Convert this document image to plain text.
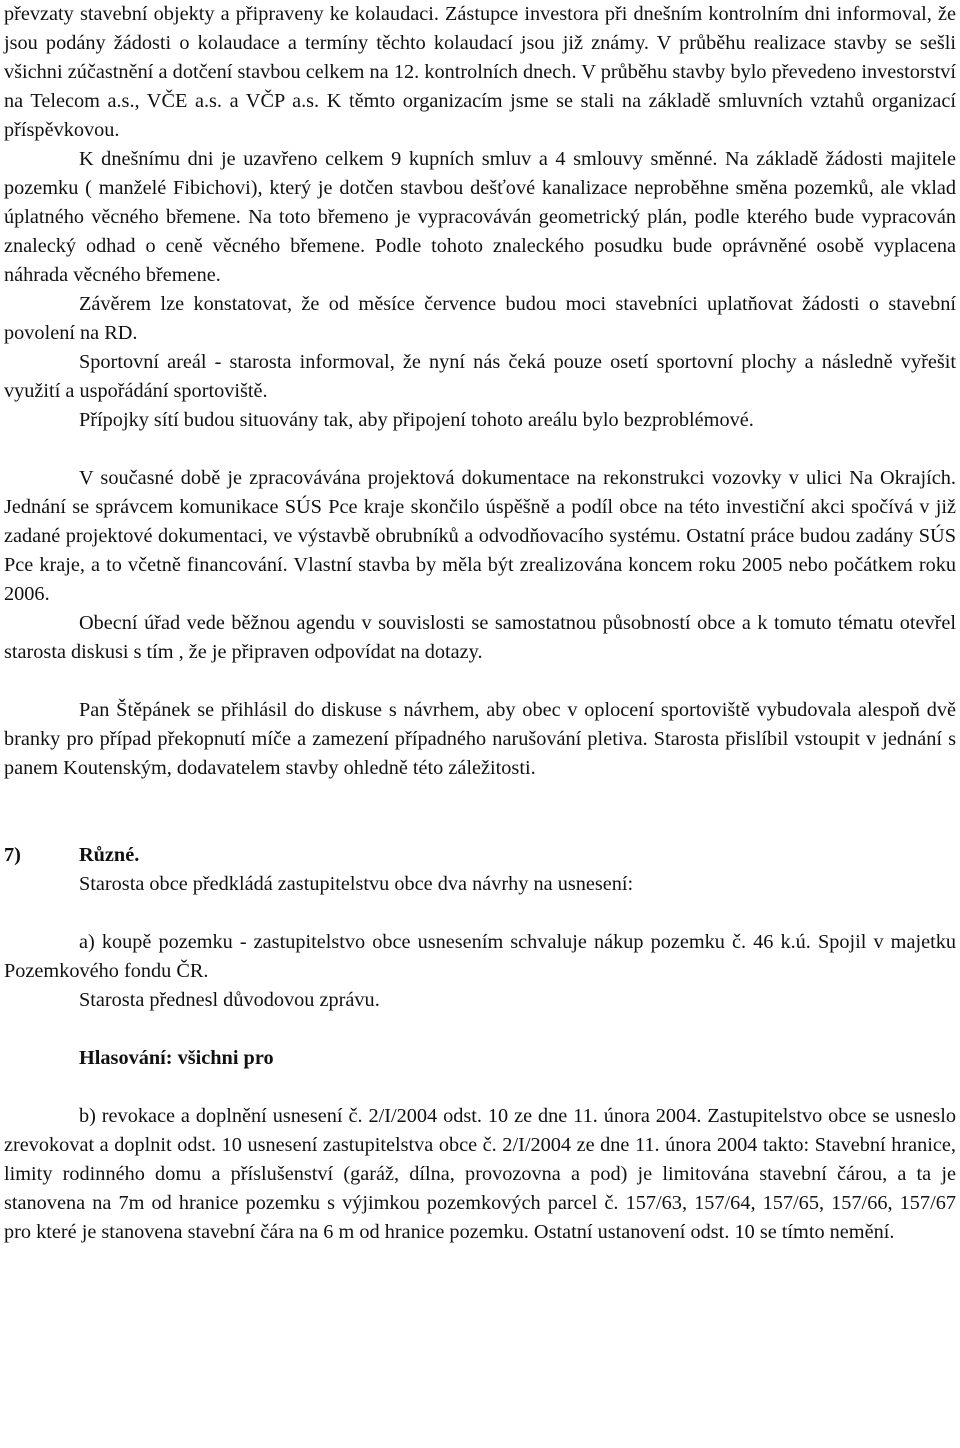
převzaty stavební objekty a připraveny ke kolaudaci. Zástupce investora při dnešním kontrolním dni informoval, že jsou podány žádosti o kolaudace a termíny těchto kolaudací jsou již známy. V průběhu realizace stavby se sešli všichni zúčastnění a dotčení stavbou celkem na 12. kontrolních dnech. V průběhu stavby bylo převedeno investorství na Telecom a.s., VČE a.s. a VČP a.s. K těmto organizacím jsme se stali na základě smluvních vztahů organizací příspěvkovou.

K dnešnímu dni je uzavřeno celkem 9 kupních smluv a 4 smlouvy směnné. Na základě žádosti majitele pozemku ( manželé Fibichovi), který je dotčen stavbou dešťové kanalizace neproběhne směna pozemků, ale vklad úplatného věcného břemene. Na toto břemeno je vypracováván geometrický plán, podle kterého bude vypracován znalecký odhad o ceně věcného břemene. Podle tohoto znaleckého posudku bude oprávněné osobě vyplacena náhrada věcného břemene.

Závěrem lze konstatovat, že od měsíce července budou moci stavebníci uplatňovat žádosti o stavební povolení na RD.

Sportovní areál - starosta informoval, že nyní nás čeká pouze osetí sportovní plochy a následně vyřešit využití a uspořádání sportoviště.

Přípojky sítí budou situovány tak, aby připojení tohoto areálu bylo bezproblémové.

V současné době je zpracovávána projektová dokumentace na rekonstrukci vozovky v ulici Na Okrajích. Jednání se správcem komunikace SÚS Pce kraje skončilo úspěšně a podíl obce na této investiční akci spočívá v již zadané projektové dokumentaci, ve výstavbě obrubníků a odvodňovacího systému. Ostatní práce budou zadány SÚS Pce kraje, a to včetně financování. Vlastní stavba by měla být zrealizována koncem roku 2005 nebo počátkem roku 2006.

Obecní úřad vede běžnou agendu v souvislosti se samostatnou působností obce a k tomuto tématu otevřel starosta diskusi s tím , že je připraven odpovídat na dotazy.

Pan Štěpánek se přihlásil do diskuse s návrhem, aby obec v oplocení sportoviště vybudovala alespoň dvě branky pro případ překopnutí míče a zamezení případného narušování pletiva. Starosta přislíbil vstoupit v jednání s panem Koutenským, dodavatelem stavby ohledně této záležitosti.

7)	Různé.

Starosta obce předkládá zastupitelstvu obce dva návrhy na usnesení:

a) koupě pozemku - zastupitelstvo obce usnesením schvaluje nákup pozemku č. 46 k.ú. Spojil v majetku Pozemkového fondu ČR.

Starosta přednesl důvodovou zprávu.

Hlasování: všichni pro

b) revokace a doplnění usnesení č. 2/I/2004 odst. 10 ze dne 11. února 2004. Zastupitelstvo obce se usneslo zrevokovat a doplnit odst. 10 usnesení zastupitelstva obce č. 2/I/2004 ze dne 11. února 2004 takto: Stavební hranice, limity rodinného domu a příslušenství (garáž, dílna, provozovna a pod) je limitována stavební čárou, a ta je stanovena na 7m od hranice pozemku s výjimkou pozemkových parcel č. 157/63, 157/64, 157/65, 157/66, 157/67 pro které je stanovena stavební čára na 6 m od hranice pozemku. Ostatní ustanovení odst. 10 se tímto nemění.
